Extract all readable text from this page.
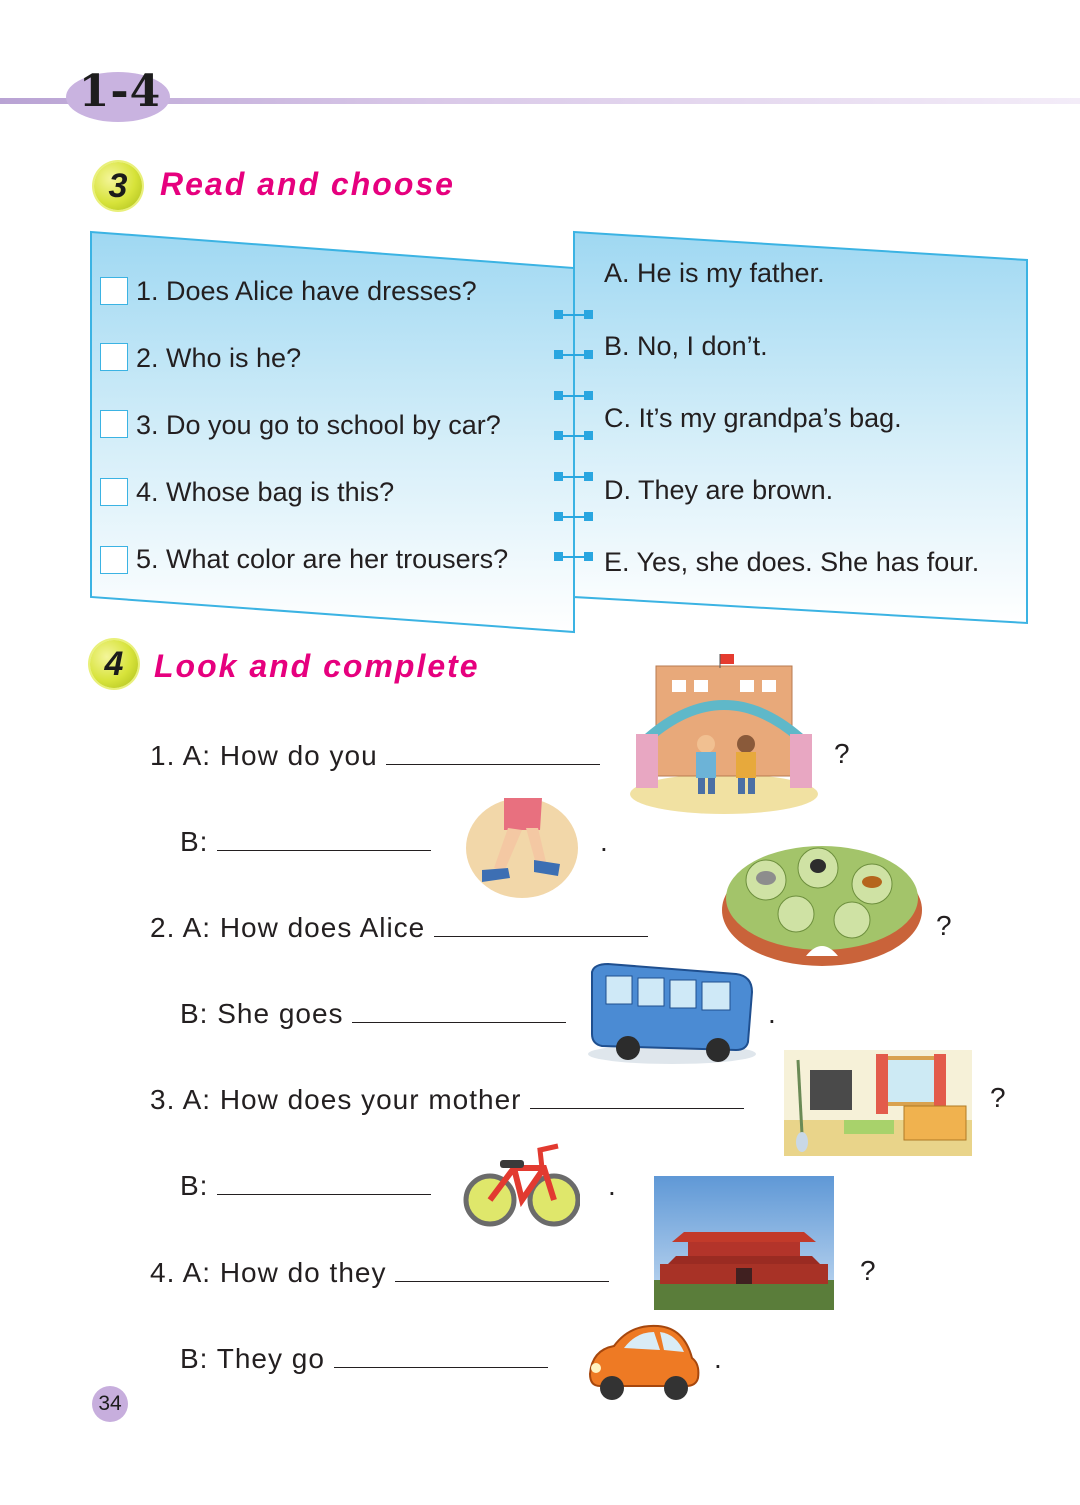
1-4
3	Read and choose
1. Does Alice have dresses?
2. Who is he?
3. Do you go to school by car?
4. Whose bag is this?
5. What color are her trousers?
A. He is my father.
B. No, I don’t.
C. It’s my grandpa’s bag.
D. They are brown.
E. Yes, she does. She has four.
4 Look and complete
1. A: How do you	?
B:	.
2. A: How does Alice	?
B: She goes	.
3. A: How does your mother	?
B:	.
4. A: How do they	?
B: They go	.
34
